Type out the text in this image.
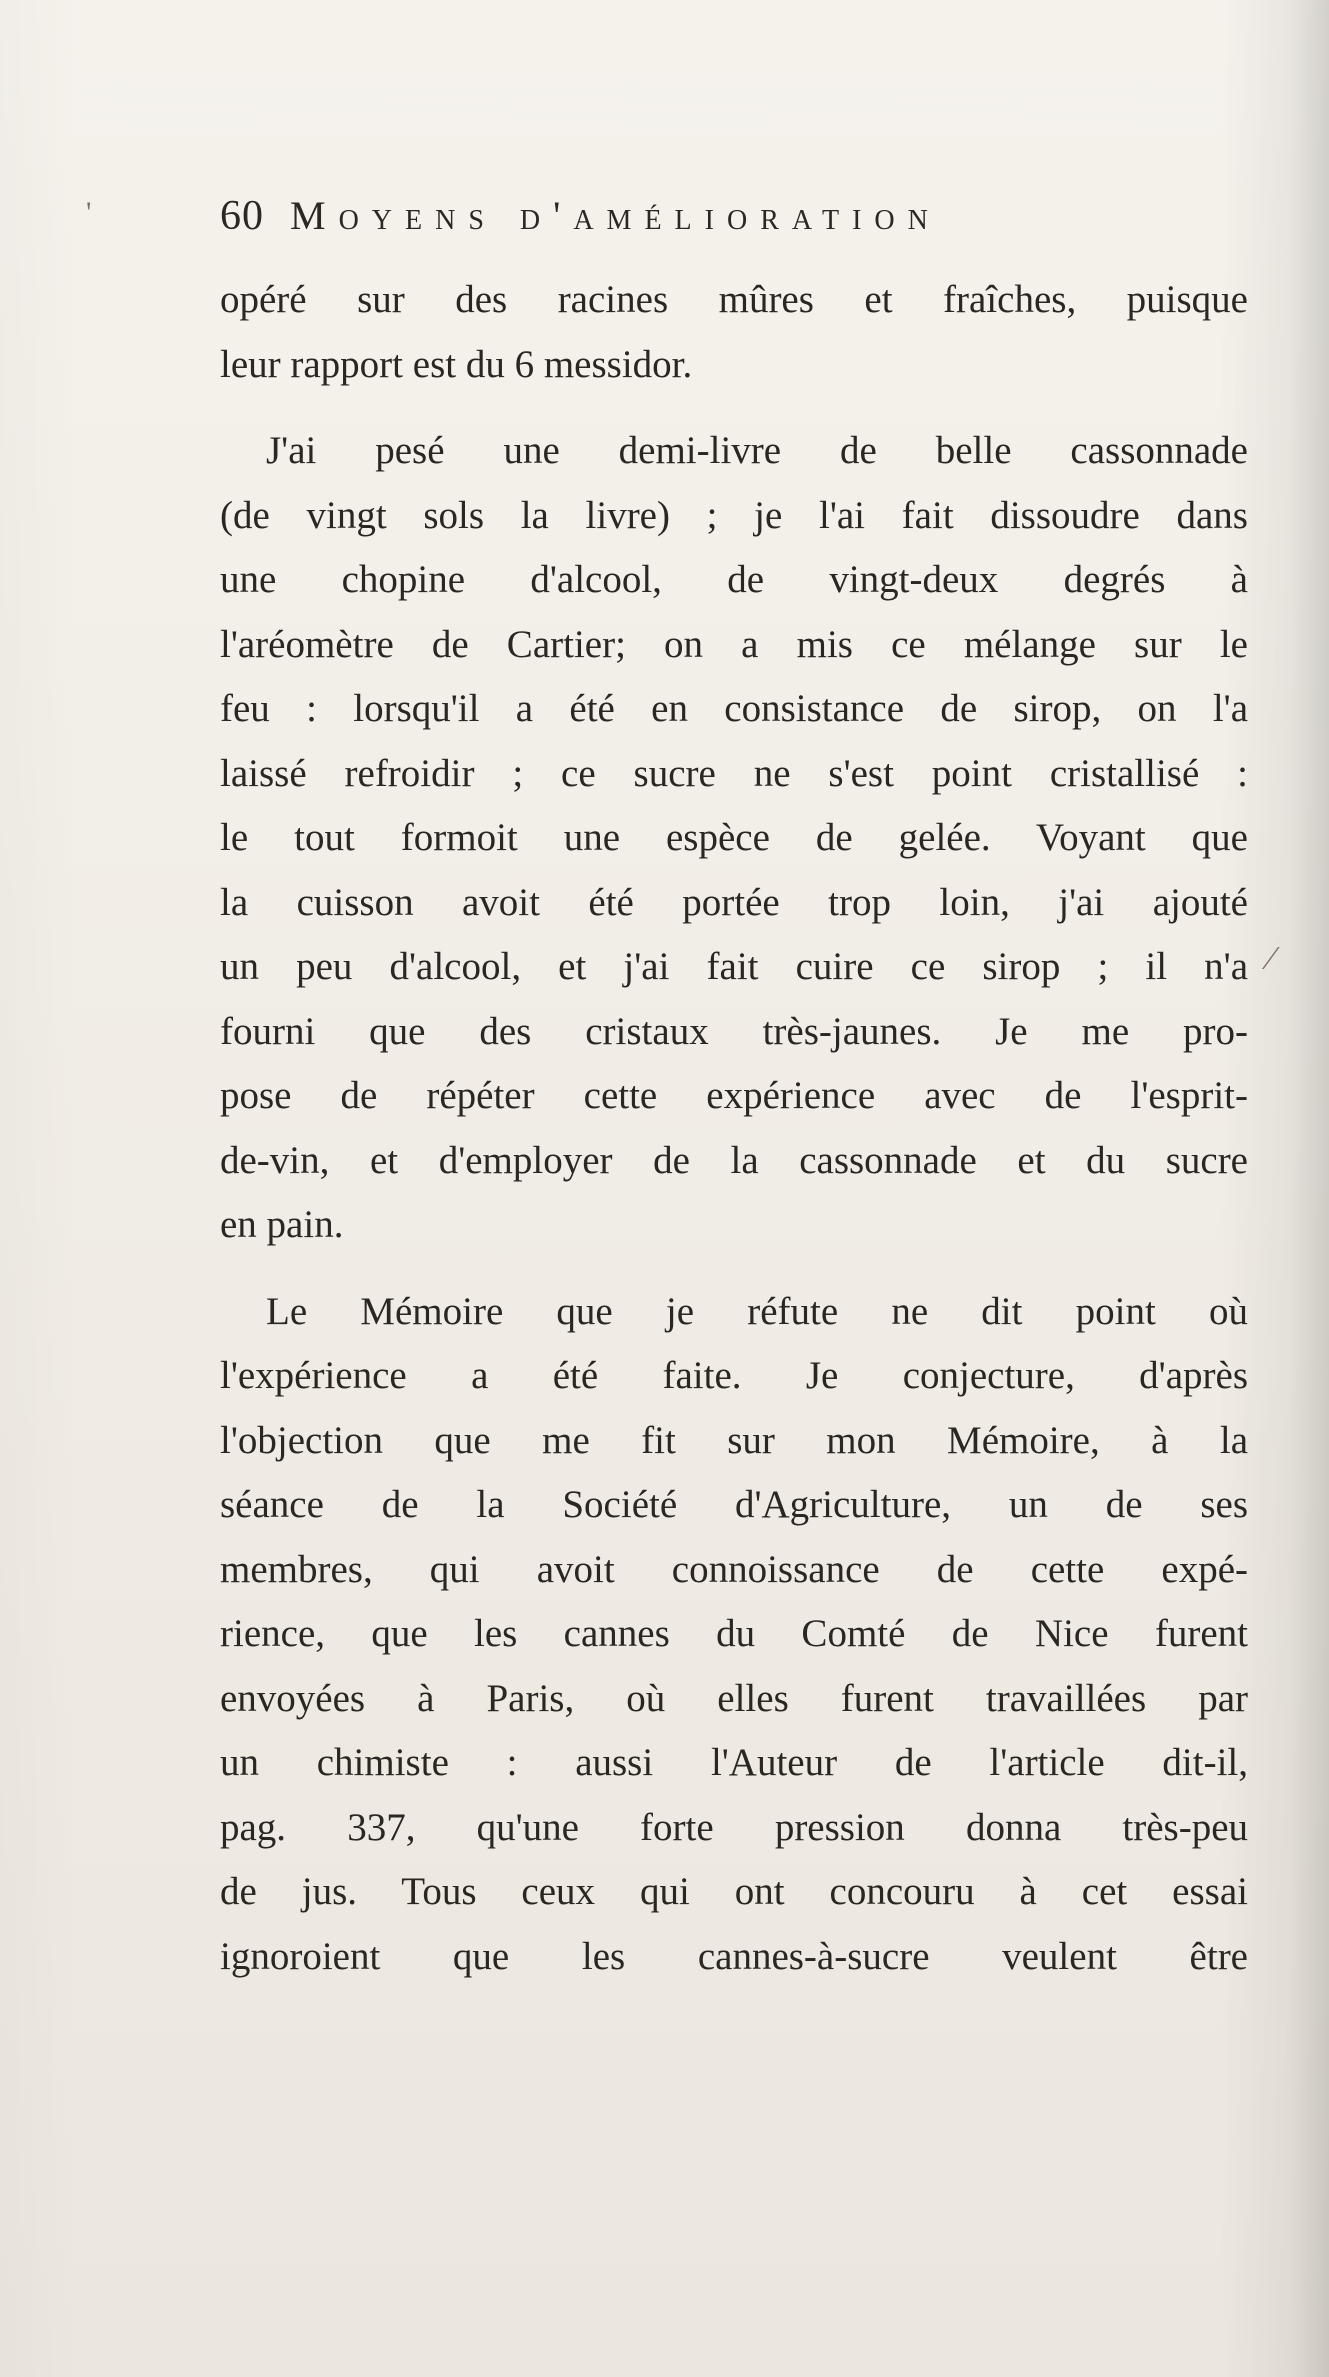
60 Moyens d'amélioration
opéré sur des racines mûres et fraîches, puisque
leur rapport est du 6 messidor.
J'ai pesé une demi-livre de belle cassonnade
(de vingt sols la livre) ; je l'ai fait dissoudre dans
une chopine d'alcool, de vingt-deux degrés à
l'aréomètre de Cartier; on a mis ce mélange sur le
feu : lorsqu'il a été en consistance de sirop, on l'a
laissé refroidir ; ce sucre ne s'est point cristallisé :
le tout formoit une espèce de gelée. Voyant que
la cuisson avoit été portée trop loin, j'ai ajouté
un peu d'alcool, et j'ai fait cuire ce sirop ; il n'a
fourni que des cristaux très-jaunes. Je me pro-
pose de répéter cette expérience avec de l'esprit-
de-vin, et d'employer de la cassonnade et du sucre
en pain.
Le Mémoire que je réfute ne dit point où
l'expérience a été faite. Je conjecture, d'après
l'objection que me fit sur mon Mémoire, à la
séance de la Société d'Agriculture, un de ses
membres, qui avoit connoissance de cette expé-
rience, que les cannes du Comté de Nice furent
envoyées à Paris, où elles furent travaillées par
un chimiste : aussi l'Auteur de l'article dit-il,
pag. 337, qu'une forte pression donna très-peu
de jus. Tous ceux qui ont concouru à cet essai
ignoroient que les cannes-à-sucre veulent être
'
⁄
